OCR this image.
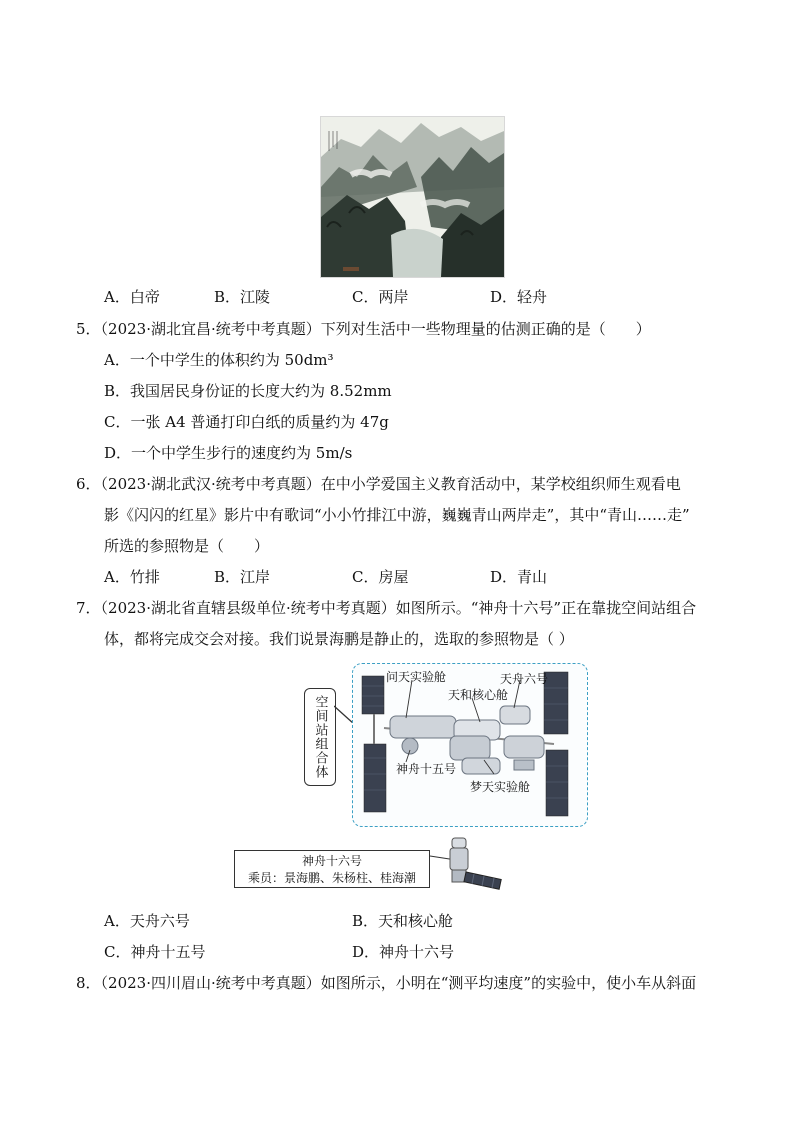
A．白帝	B．江陵	C．两岸	D．轻舟
5．（2023·湖北宜昌·统考中考真题）下列对生活中一些物理量的估测正确的是（　　）
A．一个中学生的体积约为 50dm³
B．我国居民身份证的长度大约为 8.52mm
C．一张 A4 普通打印白纸的质量约为 47g
D．一个中学生步行的速度约为 5m/s
6．（2023·湖北武汉·统考中考真题）在中小学爱国主义教育活动中，某学校组织师生观看电
影《闪闪的红星》影片中有歌词“小小竹排江中游，巍巍青山两岸走”，其中“青山……走”
所选的参照物是（　　）
A．竹排	B．江岸	C．房屋	D．青山
7．（2023·湖北省直辖县级单位·统考中考真题）如图所示。“神舟十六号”正在靠拢空间站组合
体，都将完成交会对接。我们说景海鹏是静止的，选取的参照物是（ ）
空间站组合体
问天实验舱	天舟六号
天和核心舱
神舟十五号
梦天实验舱
神舟十六号
乘员：景海鹏、朱杨柱、桂海潮
A．天舟六号	B．天和核心舱
C．神舟十五号	D．神舟十六号
8．（2023·四川眉山·统考中考真题）如图所示，小明在“测平均速度”的实验中，使小车从斜面
